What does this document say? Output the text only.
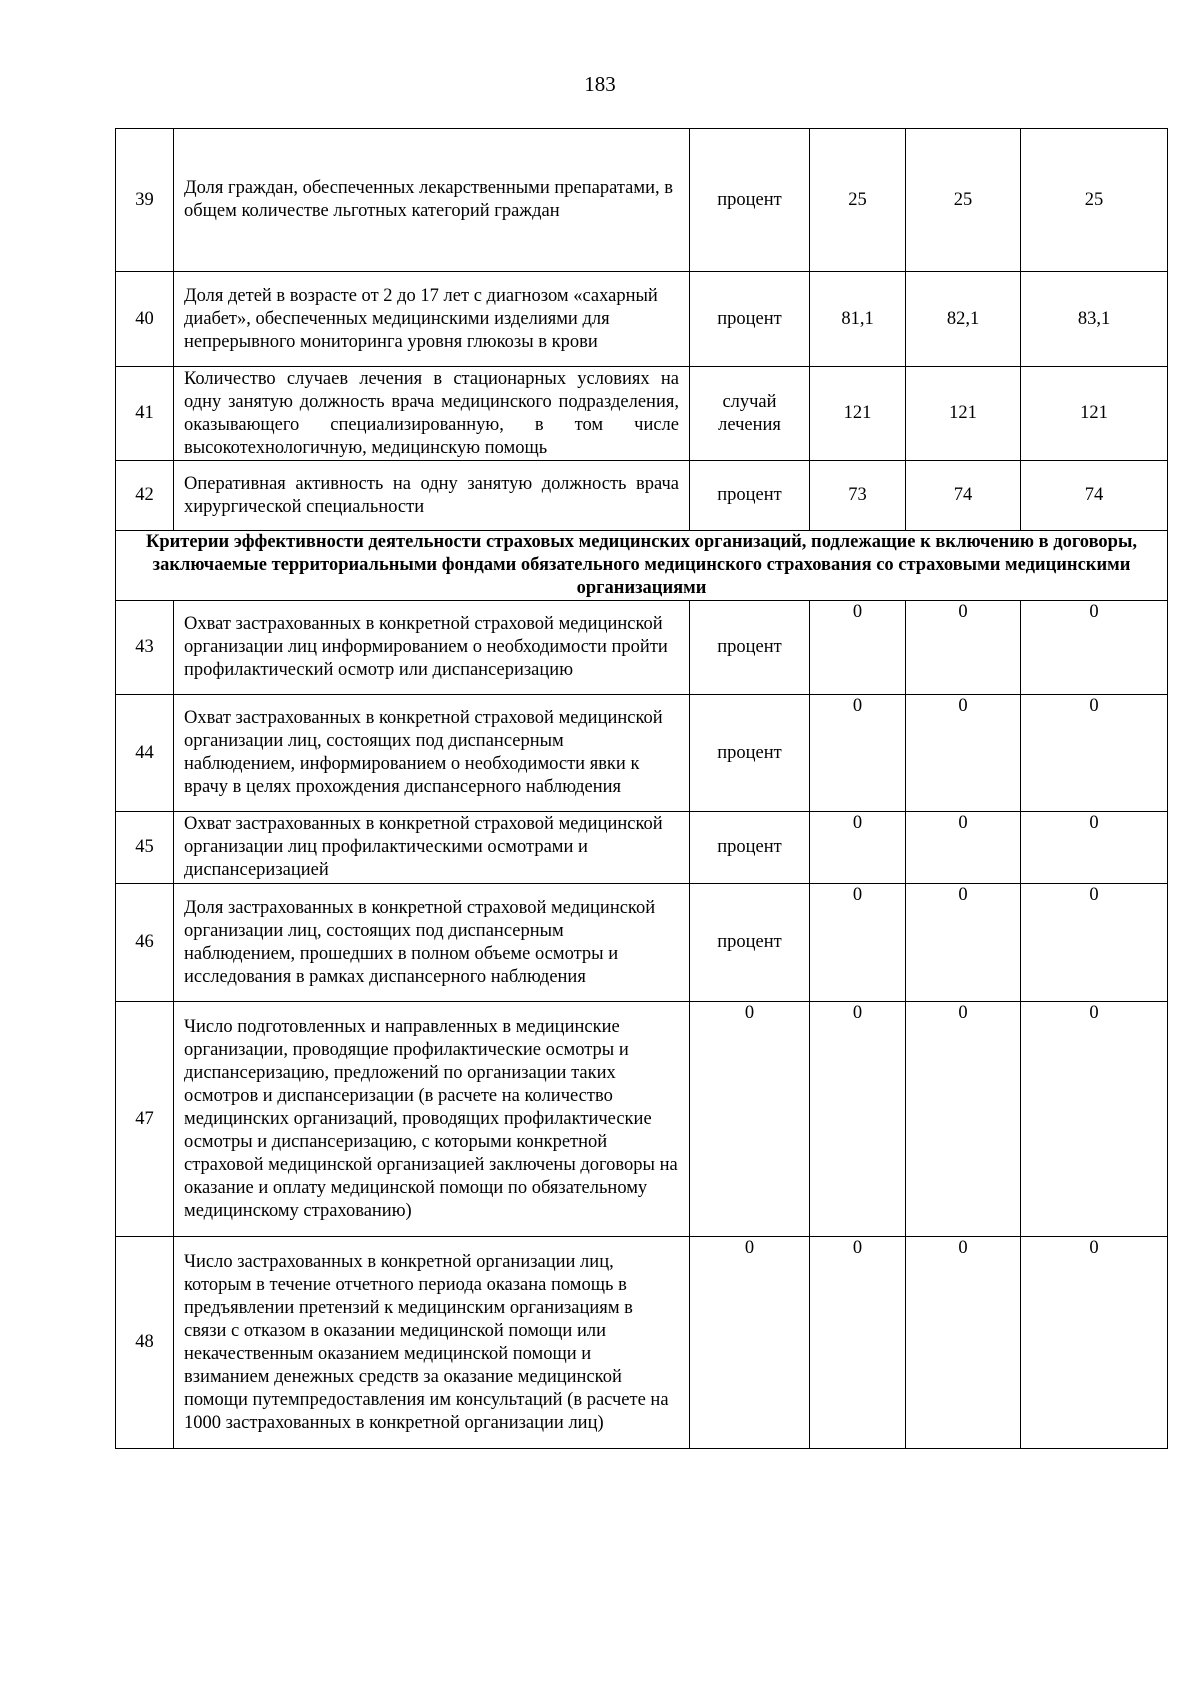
183
39	Доля граждан, обеспеченных лекарственными препаратами, в общем количестве льготных категорий граждан	процент	25	25	25
40	Доля детей в возрасте от 2 до 17 лет с диагнозом «сахарный диабет», обеспеченных медицинскими изделиями для непрерывного мониторинга уровня глюкозы в крови	процент	81,1	82,1	83,1
41	Количество случаев лечения в стационарных условиях на одну занятую должность врача медицинского подразделения, оказывающего специализированную, в том числе высокотехнологичную, медицинскую помощь	случай лечения	121	121	121
42	Оперативная активность на одну занятую должность врача хирургической специальности	процент	73	74	74
Критерии эффективности деятельности страховых медицинских организаций, подлежащие к включению в договоры, заключаемые территориальными фондами обязательного медицинского страхования со страховыми медицинскими организациями					
43	Охват застрахованных в конкретной страховой медицинской организации лиц информированием о необходимости пройти профилактический осмотр или диспансеризацию	процент	0	0	0
44	Охват застрахованных в конкретной страховой медицинской организации лиц, состоящих под диспансерным наблюдением, информированием о необходимости явки к врачу в целях прохождения диспансерного наблюдения	процент	0	0	0
45	Охват застрахованных в конкретной страховой медицинской организации лиц профилактическими осмотрами и диспансеризацией	процент	0	0	0
46	Доля застрахованных в конкретной страховой медицинской организации лиц, состоящих под диспансерным наблюдением, прошедших в полном объеме осмотры и исследования в рамках диспансерного наблюдения	процент	0	0	0
47	Число подготовленных и направленных в медицинские организации, проводящие профилактические осмотры и диспансеризацию, предложений по организации таких осмотров и диспансеризации (в расчете на количество медицинских организаций, проводящих профилактические осмотры и диспансеризацию, с которыми конкретной страховой медицинской организацией заключены договоры на оказание и оплату медицинской помощи по обязательному медицинскому страхованию)	0	0	0	0
48	Число застрахованных в конкретной организации лиц, которым в течение отчетного периода оказана помощь в предъявлении претензий к медицинским организациям в связи с отказом в оказании медицинской помощи или некачественным оказанием медицинской помощи и взиманием денежных средств за оказание медицинской помощи путемпредоставления им консультаций (в расчете на 1000 застрахованных в конкретной организации лиц)	0	0	0	0
